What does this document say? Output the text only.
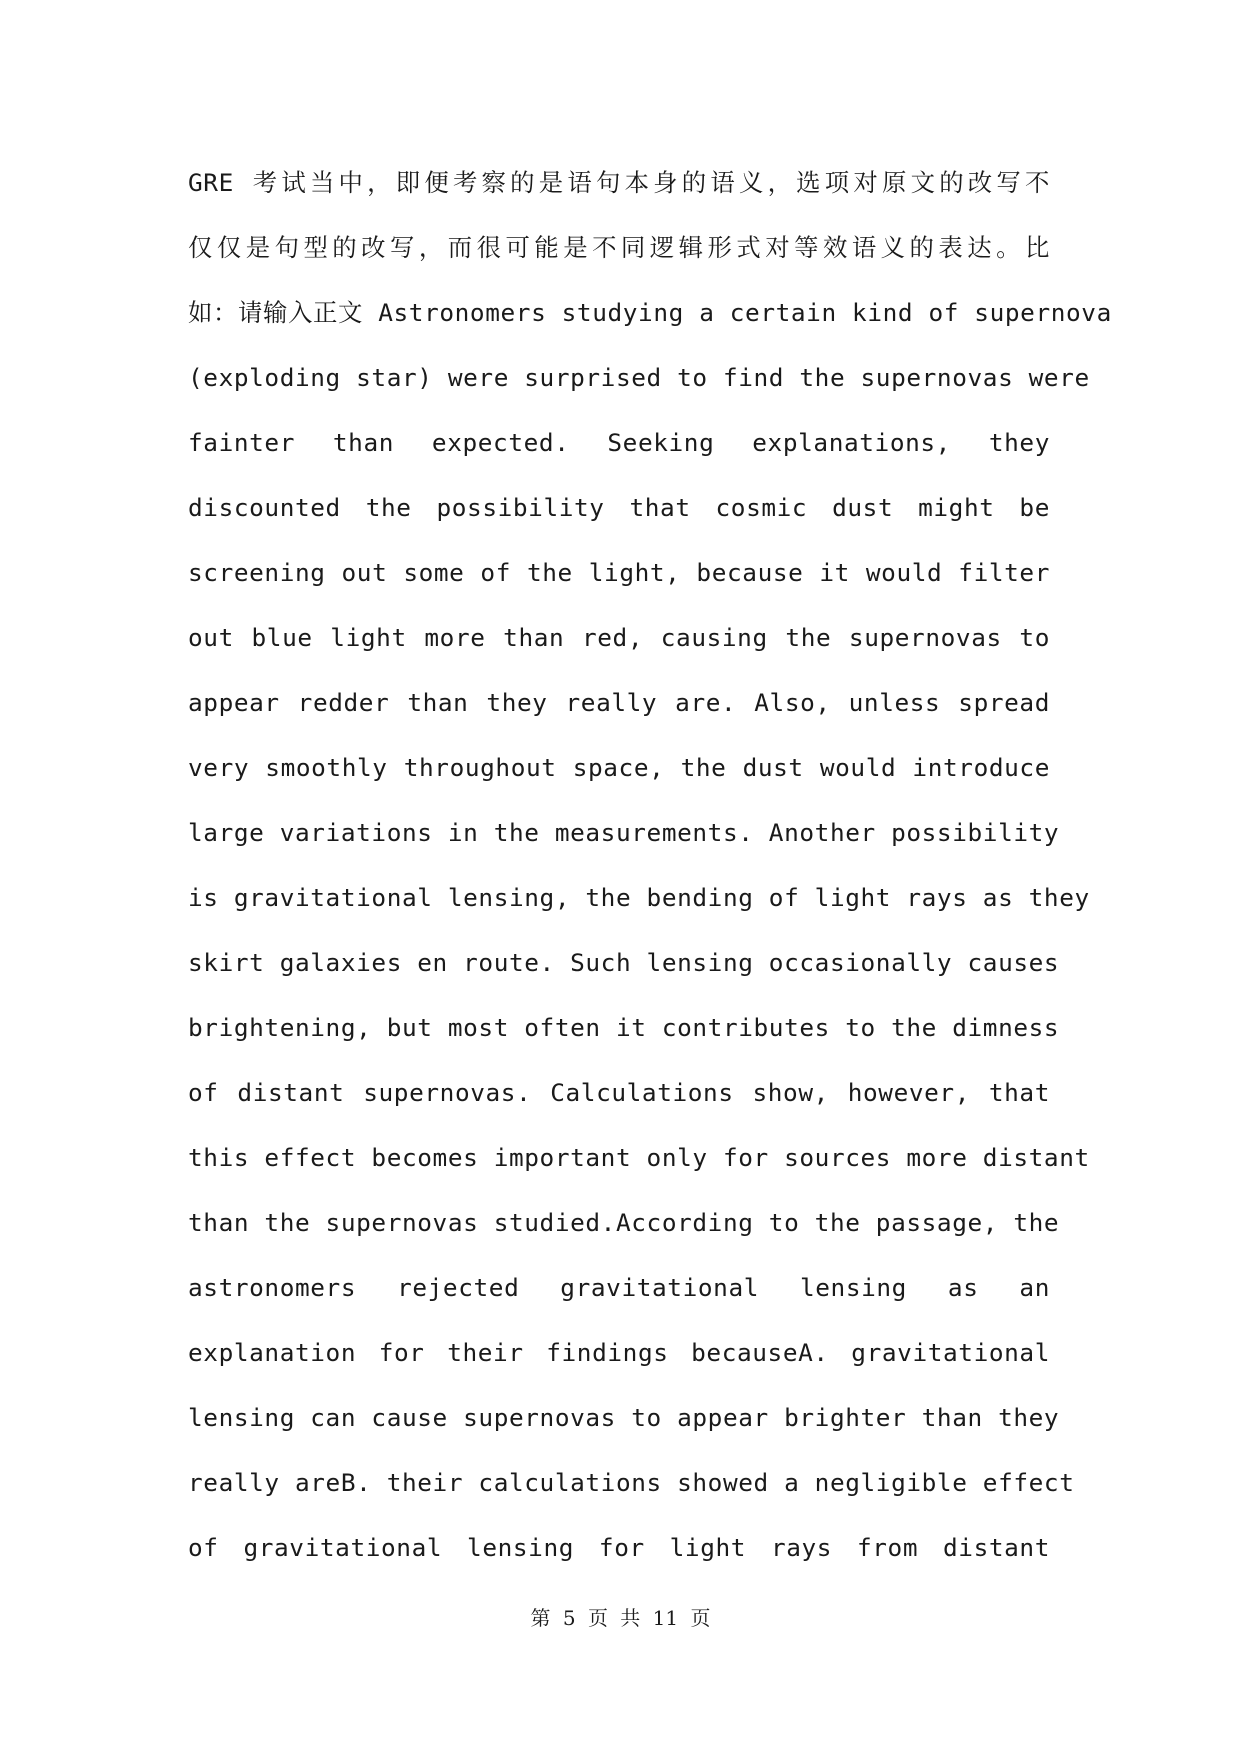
GRE 考试当中，即便考察的是语句本身的语义，选项对原文的改写不
仅仅是句型的改写，而很可能是不同逻辑形式对等效语义的表达。比
如：请输入正文 Astronomers studying a certain kind of supernova
(exploding star) were surprised to find the supernovas were
fainter than expected. Seeking explanations, they
discounted the possibility that cosmic dust might be
screening out some of the light, because it would filter
out blue light more than red, causing the supernovas to
appear redder than they really are. Also, unless spread
very smoothly throughout space, the dust would introduce
large variations in the measurements. Another possibility
is gravitational lensing, the bending of light rays as they
skirt galaxies en route. Such lensing occasionally causes
brightening, but most often it contributes to the dimness
of distant supernovas. Calculations show, however, that
this effect becomes important only for sources more distant
than the supernovas studied.According to the passage, the
astronomers rejected gravitational lensing as an
explanation for their findings becauseA. gravitational
lensing can cause supernovas to appear brighter than they
really areB. their calculations showed a negligible effect
of gravitational lensing for light rays from distant
第 5 页 共 11 页
